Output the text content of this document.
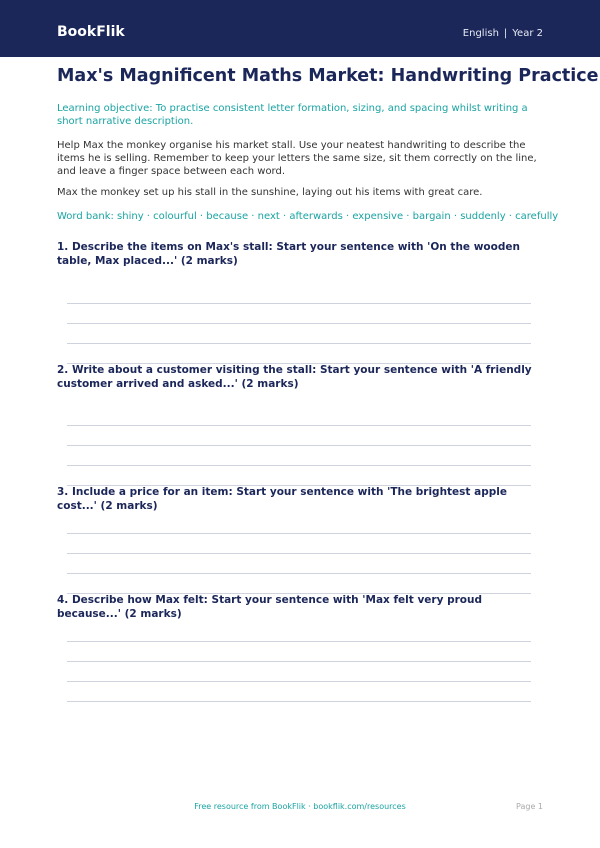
BookFlik	English | Year 2
Max's Magnificent Maths Market: Handwriting Practice

Learning objective: To practise consistent letter formation, sizing, and spacing whilst writing a short narrative description.

Help Max the monkey organise his market stall. Use your neatest handwriting to describe the items he is selling. Remember to keep your letters the same size, sit them correctly on the line, and leave a finger space between each word.

Max the monkey set up his stall in the sunshine, laying out his items with great care.

Word bank: shiny · colourful · because · next · afterwards · expensive · bargain · suddenly · carefully

1. Describe the items on Max's stall: Start your sentence with 'On the wooden table, Max placed...' (2 marks)

2. Write about a customer visiting the stall: Start your sentence with 'A friendly customer arrived and asked...' (2 marks)

3. Include a price for an item: Start your sentence with 'The brightest apple cost...' (2 marks)

4. Describe how Max felt: Start your sentence with 'Max felt very proud because...' (2 marks)

Free resource from BookFlik · bookflik.com/resources	Page 1
